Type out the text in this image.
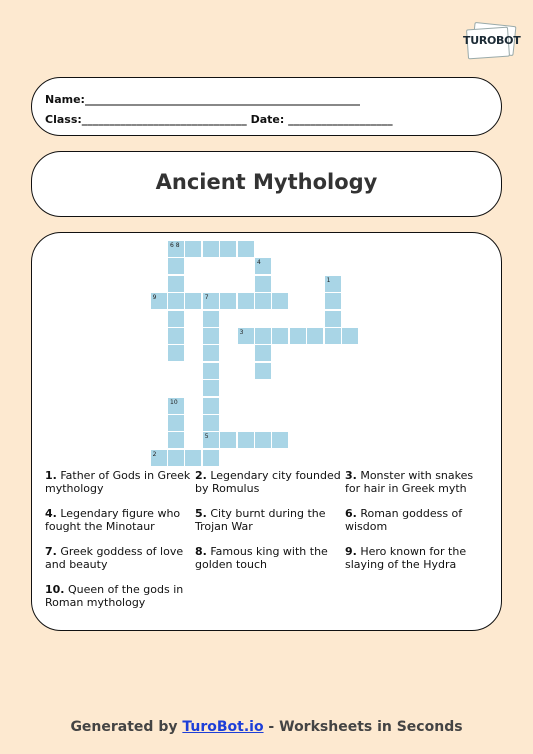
TUROBOT
Name:__________________________________________________
Class:______________________________ Date: ___________________
Ancient Mythology
6 8
4
1
9	7
3
10
5
2
1. Father of Gods in Greek mythology
2. Legendary city founded by Romulus
3. Monster with snakes for hair in Greek myth
4. Legendary figure who fought the Minotaur
5. City burnt during the Trojan War
6. Roman goddess of wisdom
7. Greek goddess of love and beauty
8. Famous king with the golden touch
9. Hero known for the slaying of the Hydra
10. Queen of the gods in Roman mythology
Generated by TuroBot.io - Worksheets in Seconds
